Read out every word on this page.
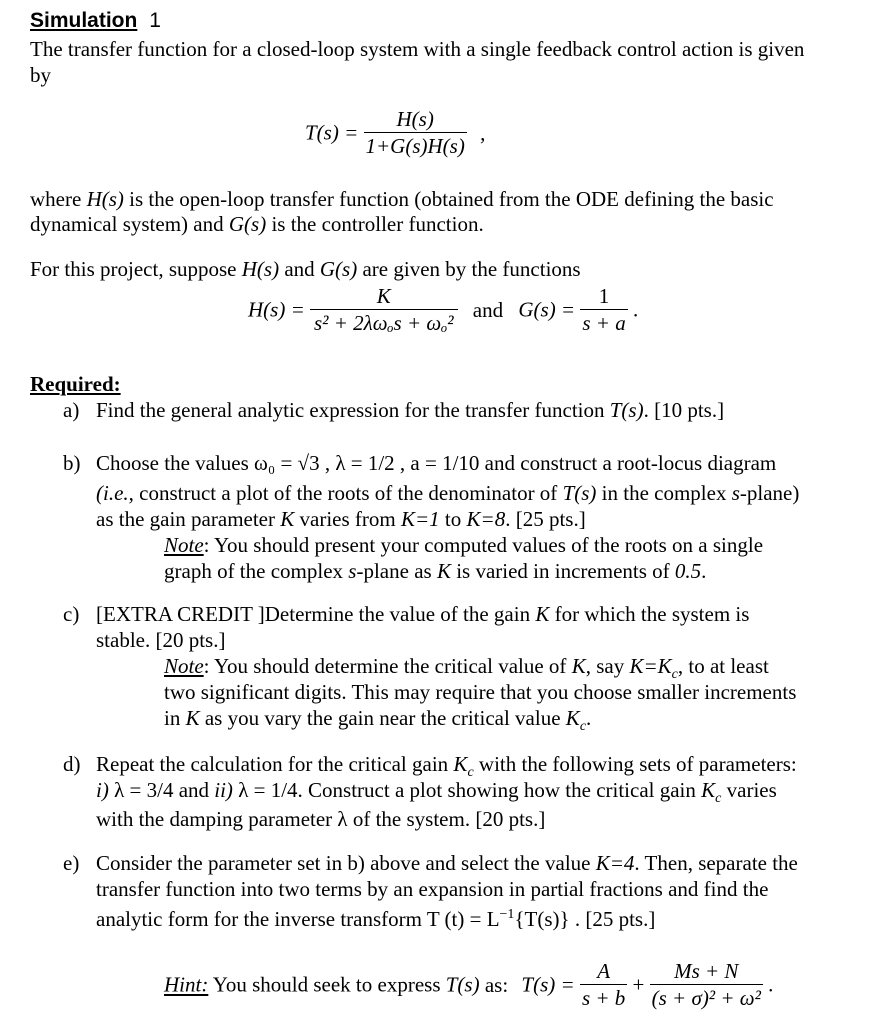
Simulation 1
The transfer function for a closed-loop system with a single feedback control action is given
by
$T(s) = \frac{H(s)}{1+G(s)H(s)}$ ,
where H(s) is the open-loop transfer function (obtained from the ODE defining the basic
dynamical system) and G(s) is the controller function.
For this project, suppose H(s) and G(s) are given by the functions
$H(s) = \frac{K}{\text{s² + 2λωₒs + ωₒ²}}$ and $G(s) = \frac{1}{s + a}$ .
Required:
a) Find the general analytic expression for the transfer function T(s). [10 pts.]
b) Choose the values ω₀ = √3 , λ = 1/2 , a = 1/10 and construct a root-locus diagram
(i.e., construct a plot of the roots of the denominator of T(s) in the complex s-plane)
as the gain parameter K varies from K=1 to K=8. [25 pts.]
Note: You should present your computed values of the roots on a single
graph of the complex s-plane as K is varied in increments of 0.5.
c) [EXTRA CREDIT ]Determine the value of the gain K for which the system is
stable. [20 pts.]
Note: You should determine the critical value of K, say $K=K_c$, to at least
two significant digits. This may require that you choose smaller increments
in K as you vary the gain near the critical value $K_c$.
d) Repeat the calculation for the critical gain $K_c$ with the following sets of parameters:
i) λ = 3/4 and ii) λ = 1/4. Construct a plot showing how the critical gain $K_c$ varies
with the damping parameter λ of the system. [20 pts.]
e) Consider the parameter set in b) above and select the value K=4. Then, separate the
transfer function into two terms by an expansion in partial fractions and find the
analytic form for the inverse transform T $(t) = L^{-1}\{T(s)\}$ . [25 pts.]
Hint: You should seek to express T(s) as: $T(s) = \frac{A}{s + b} + \frac{Ms + N}{\text{(s + σ)² + ω²}}$ .
